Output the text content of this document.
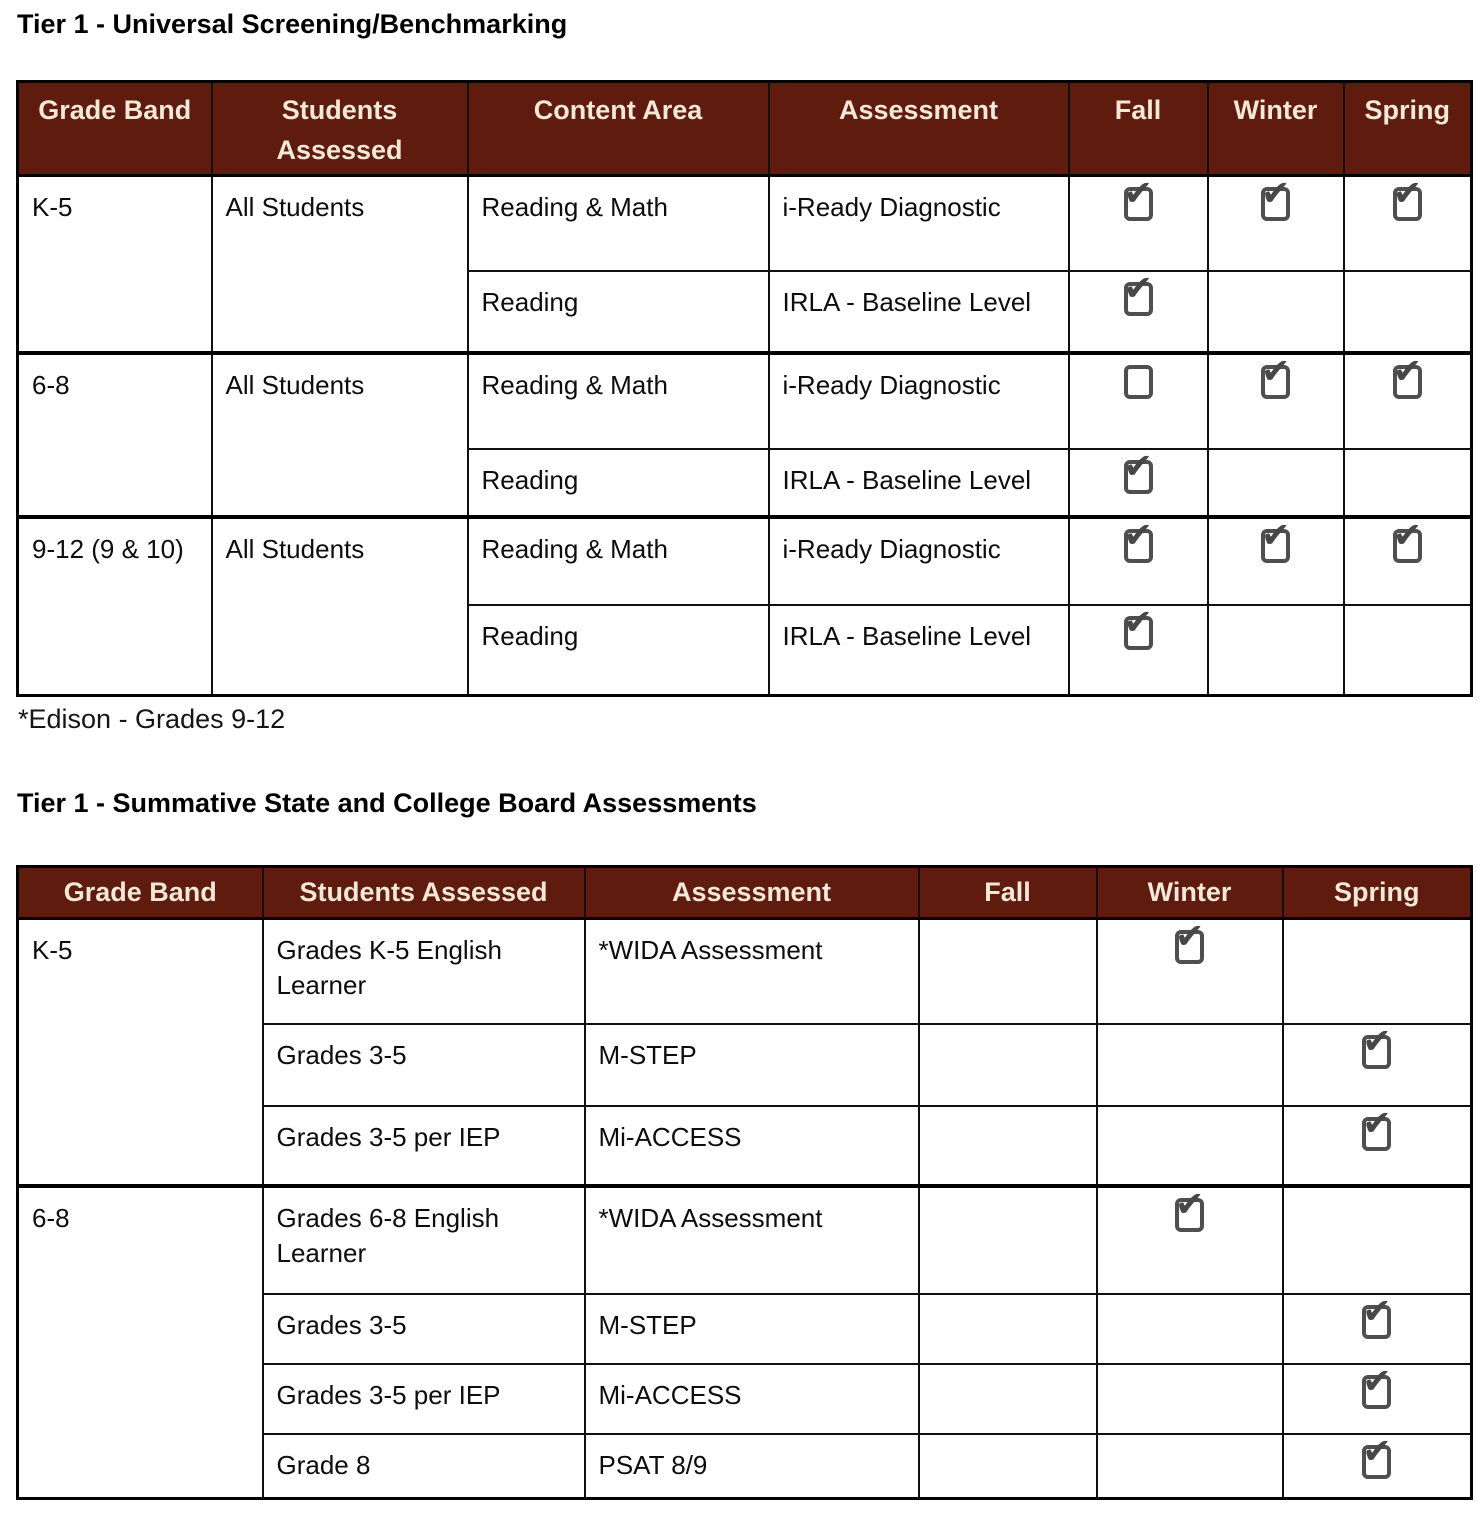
Tier 1 - Universal Screening/Benchmarking
Grade Band	Students Assessed	Content Area	Assessment	Fall	Winter	Spring
K-5	All Students	Reading & Math	i-Ready Diagnostic	✔	✔	✔

		Reading	IRLA - Baseline Level	✔		

6-8	All Students	Reading & Math	i-Ready Diagnostic		✔	✔

		Reading	IRLA - Baseline Level	✔		

9-12 (9 & 10)	All Students	Reading & Math	i-Ready Diagnostic	✔	✔	✔

		Reading	IRLA - Baseline Level	✔		

*Edison - Grades 9-12
Tier 1 - Summative State and College Board Assessments
Grade Band	Students Assessed	Assessment	Fall	Winter	Spring
K-5	Grades K-5 English Learner	*WIDA Assessment		✔	

	Grades 3-5	M-STEP			✔

	Grades 3-5 per IEP	Mi-ACCESS			✔

6-8	Grades 6-8 English Learner	*WIDA Assessment		✔	

	Grades 3-5	M-STEP			✔

	Grades 3-5 per IEP	Mi-ACCESS			✔

	Grade 8	PSAT 8/9			✔
